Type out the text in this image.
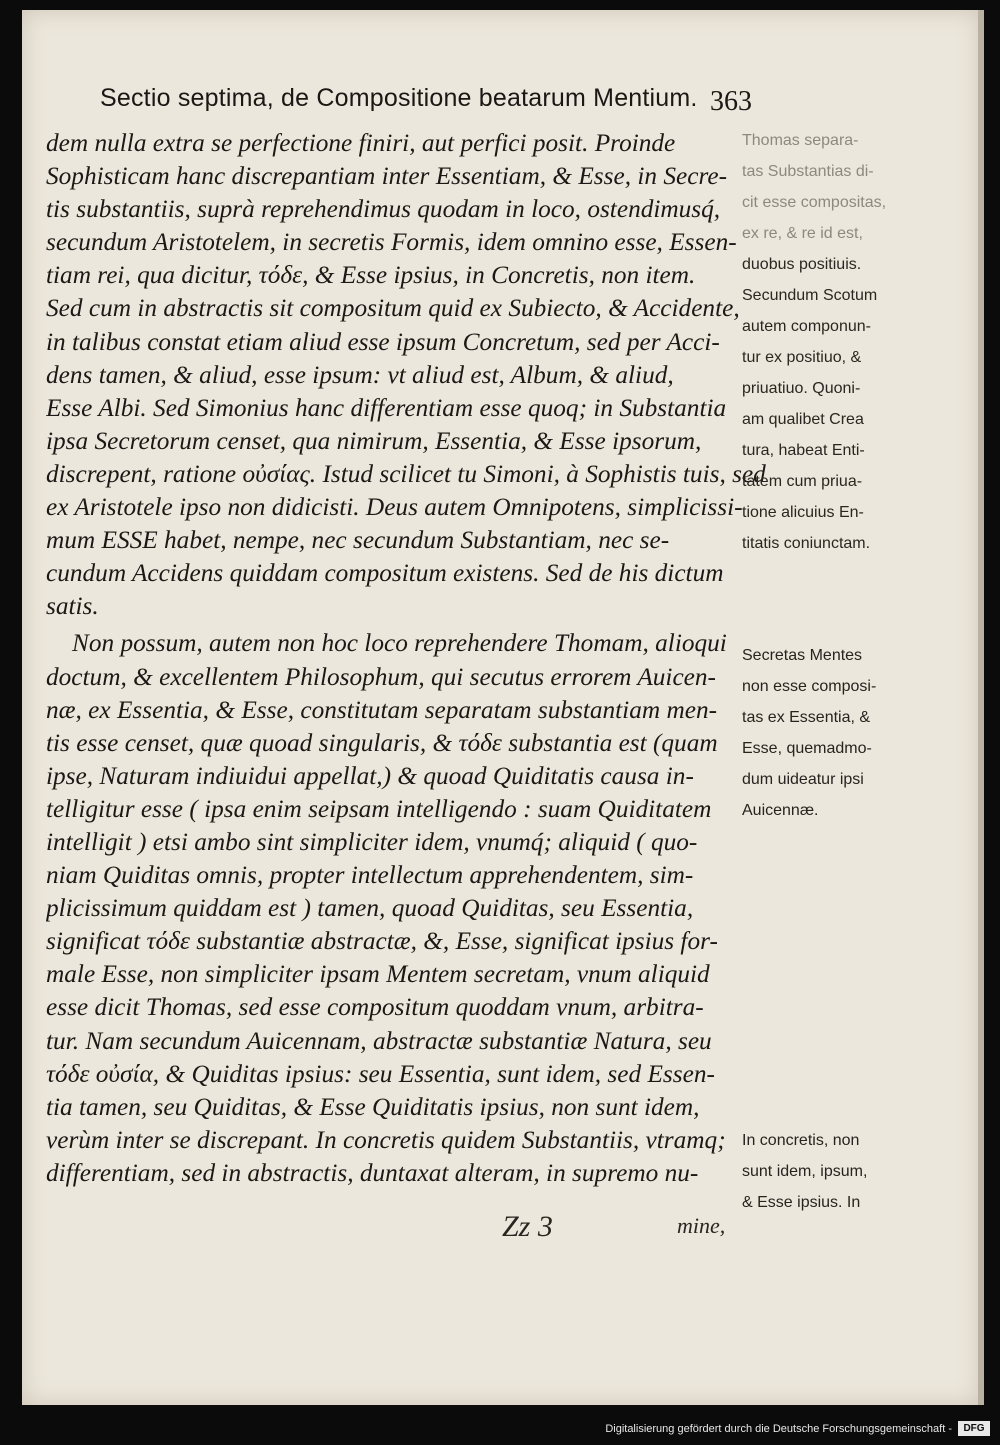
Sectio septima, de Compositione beatarum Mentium. 363
dem nulla extra se perfectione finiri, aut perfici posit. Proinde
Sophisticam hanc discrepantiam inter Essentiam, & Esse, in Secre-
tis substantiis, suprà reprehendimus quodam in loco, ostendimusq́,
secundum Aristotelem, in secretis Formis, idem omnino esse, Essen-
tiam rei, qua dicitur, τόδε, & Esse ipsius, in Concretis, non item.
Sed cum in abstractis sit compositum quid ex Subiecto, & Accidente,
in talibus constat etiam aliud esse ipsum Concretum, sed per Acci-
dens tamen, & aliud, esse ipsum: vt aliud est, Album, & aliud,
Esse Albi. Sed Simonius hanc differentiam esse quoq; in Substantia
ipsa Secretorum censet, qua nimirum, Essentia, & Esse ipsorum,
discrepent, ratione οὐσίας. Istud scilicet tu Simoni, à Sophistis tuis, sed
ex Aristotele ipso non didicisti. Deus autem Omnipotens, simplicissi-
mum ESSE habet, nempe, nec secundum Substantiam, nec se-
cundum Accidens quiddam compositum existens. Sed de his dictum
satis.
Non possum, autem non hoc loco reprehendere Thomam, alioqui
doctum, & excellentem Philosophum, qui secutus errorem Auicen-
næ, ex Essentia, & Esse, constitutam separatam substantiam men-
tis esse censet, quæ quoad singularis, & τόδε substantia est (quam
ipse, Naturam indiuidui appellat,) & quoad Quiditatis causa in-
telligitur esse ( ipsa enim seipsam intelligendo : suam Quiditatem
intelligit ) etsi ambo sint simpliciter idem, vnumq́; aliquid ( quo-
niam Quiditas omnis, propter intellectum apprehendentem, sim-
plicissimum quiddam est ) tamen, quoad Quiditas, seu Essentia,
significat τόδε substantiæ abstractæ, &, Esse, significat ipsius for-
male Esse, non simpliciter ipsam Mentem secretam, vnum aliquid
esse dicit Thomas, sed esse compositum quoddam vnum, arbitra-
tur. Nam secundum Auicennam, abstractæ substantiæ Natura, seu
τόδε οὐσία, & Quiditas ipsius: seu Essentia, sunt idem, sed Essen-
tia tamen, seu Quiditas, & Esse Quiditatis ipsius, non sunt idem,
verùm inter se discrepant. In concretis quidem Substantiis, vtramq;
differentiam, sed in abstractis, duntaxat alteram, in supremo nu-
Thomas separa-
tas Substantias di-
cit esse compositas,
ex re, & re id est,
duobus positiuis.
Secundum Scotum
autem componun-
tur ex positiuo, &
priuatiuo. Quoni-
am qualibet Crea
tura, habeat Enti-
tatem cum priua-
tione alicuius En-
titatis coniunctam.
Secretas Mentes
non esse composi-
tas ex Essentia, &
Esse, quemadmo-
dum uideatur ipsi
Auicennæ.
In concretis, non
sunt idem, ipsum,
& Esse ipsius. In
Zz 3	mine,
Digitalisierung gefördert durch die Deutsche Forschungsgemeinschaft -	DFG
